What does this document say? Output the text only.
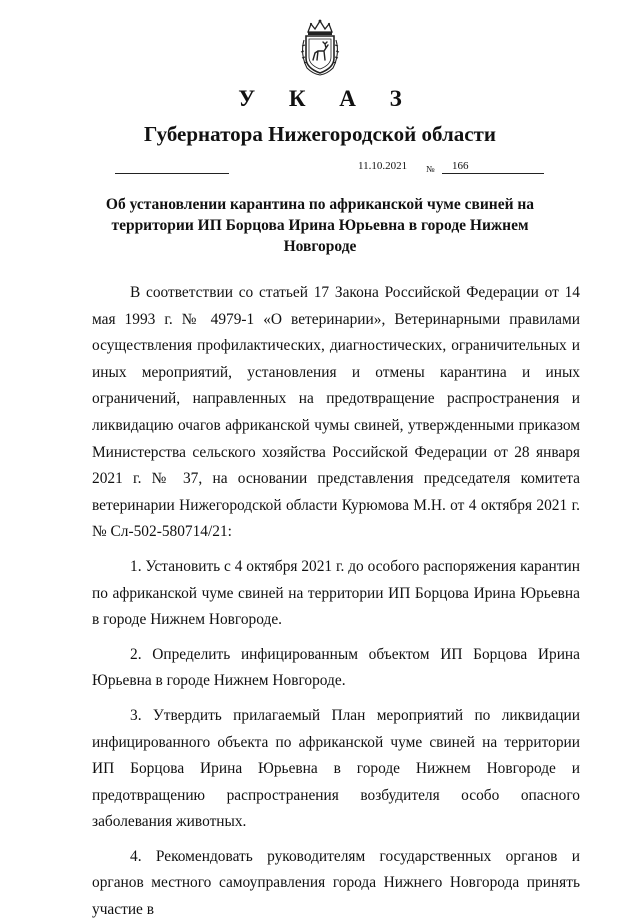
У К А З
Губернатора Нижегородской области
11.10.2021 № 166
Об установлении карантина по африканской чуме свиней на территории ИП Борцова Ирина Юрьевна в городе Нижнем Новгороде

В соответствии со статьей 17 Закона Российской Федерации от 14 мая 1993 г. № 4979-1 «О ветеринарии», Ветеринарными правилами осуществления профилактических, диагностических, ограничительных и иных мероприятий, установления и отмены карантина и иных ограничений, направленных на предотвращение распространения и ликвидацию очагов африканской чумы свиней, утвержденными приказом Министерства сельского хозяйства Российской Федерации от 28 января 2021 г. № 37, на основании представления председателя комитета ветеринарии Нижегородской области Курюмова М.Н. от 4 октября 2021 г. № Сл-502-580714/21:

1. Установить с 4 октября 2021 г. до особого распоряжения карантин по африканской чуме свиней на территории ИП Борцова Ирина Юрьевна в городе Нижнем Новгороде.

2. Определить инфицированным объектом ИП Борцова Ирина Юрьевна в городе Нижнем Новгороде.

3. Утвердить прилагаемый План мероприятий по ликвидации инфицированного объекта по африканской чуме свиней на территории ИП Борцова Ирина Юрьевна в городе Нижнем Новгороде и предотвращению распространения возбудителя особо опасного заболевания животных.

4. Рекомендовать руководителям государственных органов и органов местного самоуправления города Нижнего Новгорода принять участие в
